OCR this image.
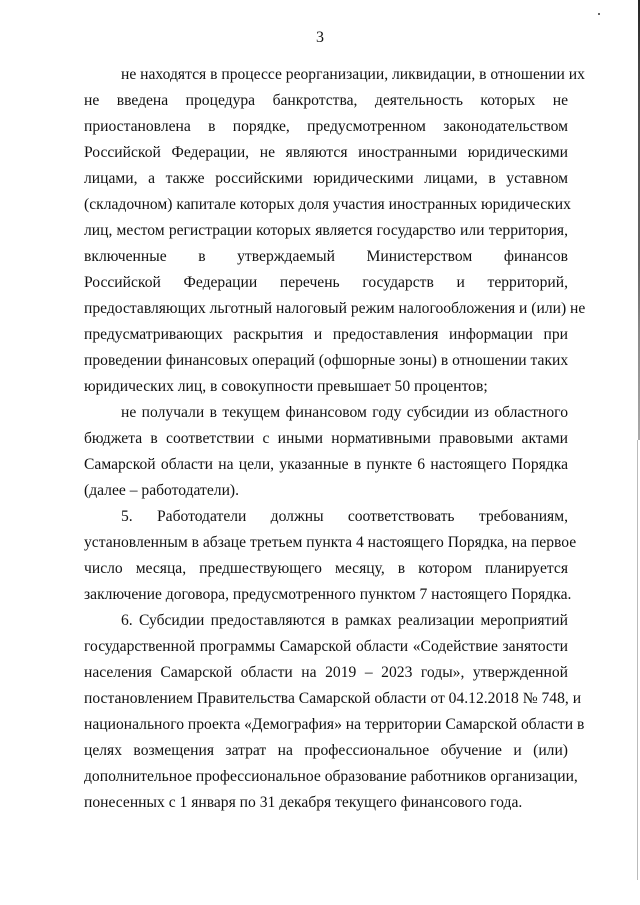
3
не находятся в процессе реорганизации, ликвидации, в отношении их
не введена процедура банкротства, деятельность которых не
приостановлена в порядке, предусмотренном законодательством
Российской Федерации, не являются иностранными юридическими
лицами, а также российскими юридическими лицами, в уставном
(складочном) капитале которых доля участия иностранных юридических
лиц, местом регистрации которых является государство или территория,
включенные в утверждаемый Министерством финансов
Российской Федерации перечень государств и территорий,
предоставляющих льготный налоговый режим налогообложения и (или) не
предусматривающих раскрытия и предоставления информации при
проведении финансовых операций (офшорные зоны) в отношении таких
юридических лиц, в совокупности превышает 50 процентов;
не получали в текущем финансовом году субсидии из областного
бюджета в соответствии с иными нормативными правовыми актами
Самарской области на цели, указанные в пункте 6 настоящего Порядка
(далее – работодатели).
5. Работодатели должны соответствовать требованиям,
установленным в абзаце третьем пункта 4 настоящего Порядка, на первое
число месяца, предшествующего месяцу, в котором планируется
заключение договора, предусмотренного пунктом 7 настоящего Порядка.
6. Субсидии предоставляются в рамках реализации мероприятий
государственной программы Самарской области «Содействие занятости
населения Самарской области на 2019 – 2023 годы», утвержденной
постановлением Правительства Самарской области от 04.12.2018 № 748, и
национального проекта «Демография» на территории Самарской области в
целях возмещения затрат на профессиональное обучение и (или)
дополнительное профессиональное образование работников организации,
понесенных с 1 января по 31 декабря текущего финансового года.
